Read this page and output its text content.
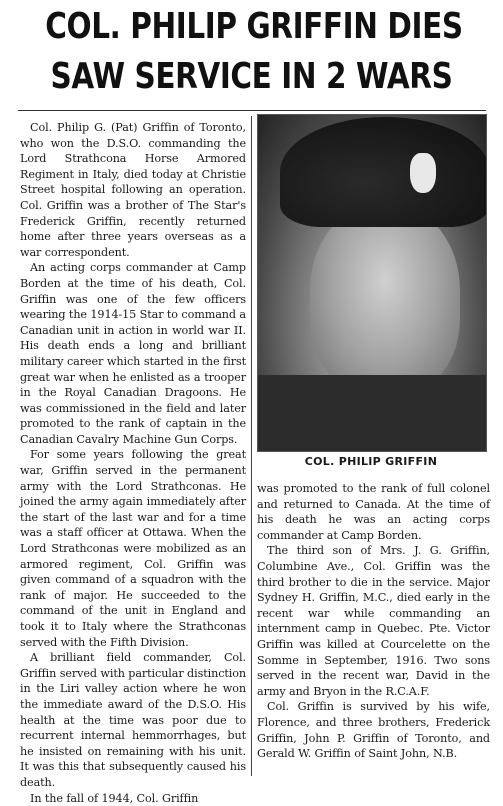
COL. PHILIP GRIFFIN DIES
SAW SERVICE IN 2 WARS

Col. Philip G. (Pat) Griffin of Toronto, who won the D.S.O. commanding the Lord Strathcona Horse Armored Regiment in Italy, died today at Christie Street hospital following an operation. Col. Griffin was a brother of The Star's Frederick Griffin, recently returned home after three years overseas as a war correspondent.

An acting corps commander at Camp Borden at the time of his death, Col. Griffin was one of the few officers wearing the 1914-15 Star to command a Canadian unit in action in world war II. His death ends a long and brilliant military career which started in the first great war when he enlisted as a trooper in the Royal Canadian Dragoons. He was commissioned in the field and later promoted to the rank of captain in the Canadian Cavalry Machine Gun Corps.

For some years following the great war, Griffin served in the permanent army with the Lord Strathconas. He joined the army again immediately after the start of the last war and for a time was a staff officer at Ottawa. When the Lord Strathconas were mobilized as an armored regiment, Col. Griffin was given command of a squadron with the rank of major. He succeeded to the command of the unit in England and took it to Italy where the Strathconas served with the Fifth Division.

A brilliant field commander, Col. Griffin served with particular distinction in the Liri valley action where he won the immediate award of the D.S.O. His health at the time was poor due to recurrent internal hemmorrhages, but he insisted on remaining with his unit. It was this that subsequently caused his death.

In the fall of 1944, Col. Griffin

COL. PHILIP GRIFFIN

was promoted to the rank of full colonel and returned to Canada. At the time of his death he was an acting corps commander at Camp Borden.

The third son of Mrs. J. G. Griffin, Columbine Ave., Col. Griffin was the third brother to die in the service. Major Sydney H. Griffin, M.C., died early in the recent war while commanding an internment camp in Quebec. Pte. Victor Griffin was killed at Courcelette on the Somme in September, 1916. Two sons served in the recent war, David in the army and Bryon in the R.C.A.F.

Col. Griffin is survived by his wife, Florence, and three brothers, Frederick Griffin, John P. Griffin of Toronto, and Gerald W. Griffin of Saint John, N.B.
